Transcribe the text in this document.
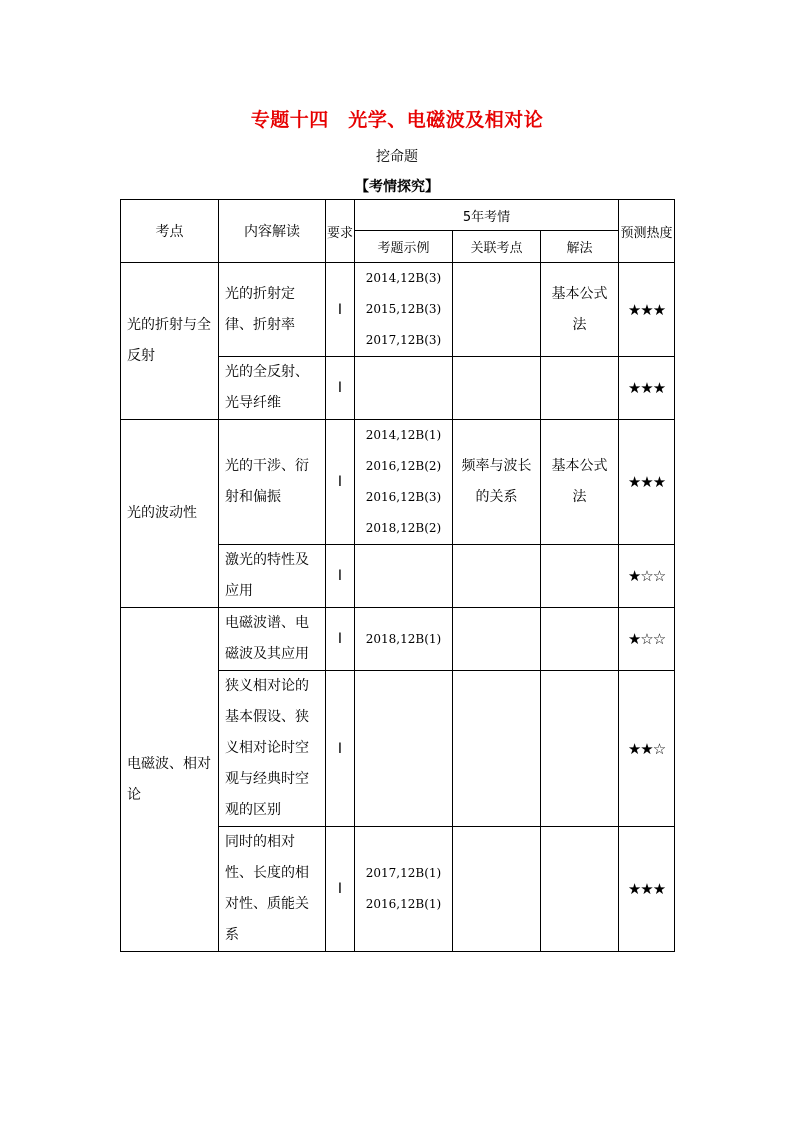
专题十四　光学、电磁波及相对论
挖命题
【考情探究】
考点	内容解读	要求	5年考情			预测热度
			考题示例	关联考点	解法	
光的折射与全反射	光的折射定律、折射率	Ⅰ	2014,12B(3)
2015,12B(3)
2017,12B(3)		基本公式法	★★★
	光的全反射、光导纤维	Ⅰ				★★★
光的波动性	光的干涉、衍射和偏振	Ⅰ	2014,12B(1)
2016,12B(2)
2016,12B(3)
2018,12B(2)	频率与波长的关系	基本公式法	★★★
	激光的特性及应用	Ⅰ				★☆☆
电磁波、相对论	电磁波谱、电磁波及其应用	Ⅰ	2018,12B(1)			★☆☆
	狭义相对论的基本假设、狭义相对论时空观与经典时空观的区别	Ⅰ				★★☆
	同时的相对性、长度的相对性、质能关系	Ⅰ	2017,12B(1)
2016,12B(1)			★★★
